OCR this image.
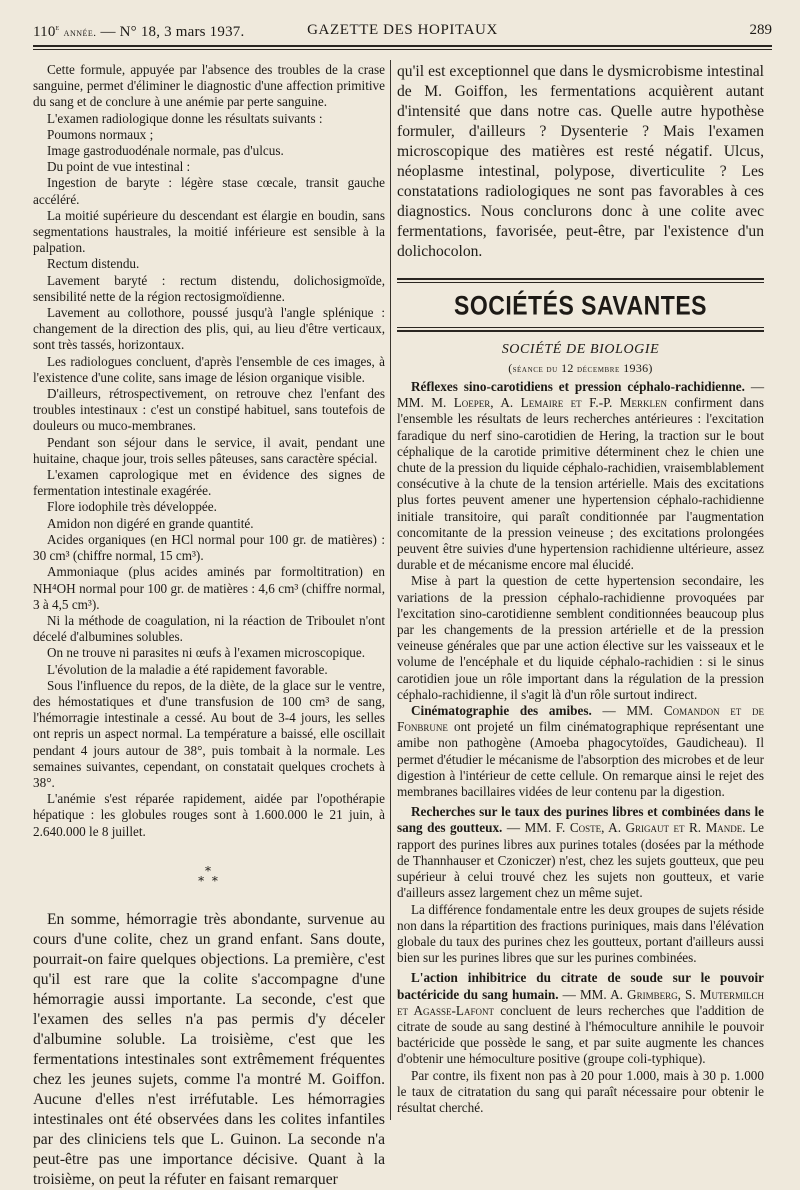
110e année. — N° 18, 3 mars 1937.	GAZETTE DES HOPITAUX	289

Cette formule, appuyée par l'absence des troubles de la crase sanguine, permet d'éliminer le diagnostic d'une affection primitive du sang et de conclure à une anémie par perte sanguine.

L'examen radiologique donne les résultats suivants :

Poumons normaux ;

Image gastroduodénale normale, pas d'ulcus.

Du point de vue intestinal :

Ingestion de baryte : légère stase cœcale, transit gauche accéléré.

La moitié supérieure du descendant est élargie en boudin, sans segmentations haustrales, la moitié inférieure est sensible à la palpation.

Rectum distendu.

Lavement baryté : rectum distendu, dolichosigmoïde, sensibilité nette de la région rectosigmoïdienne.

Lavement au collothore, poussé jusqu'à l'angle splénique : changement de la direction des plis, qui, au lieu d'être verticaux, sont très tassés, horizontaux.

Les radiologues concluent, d'après l'ensemble de ces images, à l'existence d'une colite, sans image de lésion organique visible.

D'ailleurs, rétrospectivement, on retrouve chez l'enfant des troubles intestinaux : c'est un constipé habituel, sans toutefois de douleurs ou muco-membranes.

Pendant son séjour dans le service, il avait, pendant une huitaine, chaque jour, trois selles pâteuses, sans caractère spécial.

L'examen caprologique met en évidence des signes de fermentation intestinale exagérée.

Flore iodophile très développée.

Amidon non digéré en grande quantité.

Acides organiques (en HCl normal pour 100 gr. de matières) : 30 cm³ (chiffre normal, 15 cm³).

Ammoniaque (plus acides aminés par formoltitration) en NH⁴OH normal pour 100 gr. de matières : 4,6 cm³ (chiffre normal, 3 à 4,5 cm³).

Ni la méthode de coagulation, ni la réaction de Triboulet n'ont décelé d'albumines solubles.

On ne trouve ni parasites ni œufs à l'examen microscopique.

L'évolution de la maladie a été rapidement favorable.

Sous l'influence du repos, de la diète, de la glace sur le ventre, des hémostatiques et d'une transfusion de 100 cm³ de sang, l'hémorragie intestinale a cessé. Au bout de 3-4 jours, les selles ont repris un aspect normal. La température a baissé, elle oscillait pendant 4 jours autour de 38°, puis tombait à la normale. Les semaines suivantes, cependant, on constatait quelques crochets à 38°.

L'anémie s'est réparée rapidement, aidée par l'opothérapie hépatique : les globules rouges sont à 1.600.000 le 21 juin, à 2.640.000 le 8 juillet.

*
* *

En somme, hémorragie très abondante, survenue au cours d'une colite, chez un grand enfant. Sans doute, pourrait-on faire quelques objections. La première, c'est qu'il est rare que la colite s'accompagne d'une hémorragie aussi importante. La seconde, c'est que l'examen des selles n'a pas permis d'y déceler d'albumine soluble. La troisième, c'est que les fermentations intestinales sont extrêmement fréquentes chez les jeunes sujets, comme l'a montré M. Goiffon. Aucune d'elles n'est irréfutable. Les hémorragies intestinales ont été observées dans les colites infantiles par des cliniciens tels que L. Guinon. La seconde n'a peut-être pas une importance décisive. Quant à la troisième, on peut la réfuter en faisant remarquer

qu'il est exceptionnel que dans le dysmicrobisme intestinal de M. Goiffon, les fermentations acquièrent autant d'intensité que dans notre cas. Quelle autre hypothèse formuler, d'ailleurs ? Dysenterie ? Mais l'examen microscopique des matières est resté négatif. Ulcus, néoplasme intestinal, polypose, diverticulite ? Les constatations radiologiques ne sont pas favorables à ces diagnostics. Nous conclurons donc à une colite avec fermentations, favorisée, peut-être, par l'existence d'un dolichocolon.

SOCIÉTÉS SAVANTES
SOCIÉTÉ DE BIOLOGIE
(séance du 12 décembre 1936)

Réflexes sino-carotidiens et pression céphalo-rachidienne. — MM. M. Loeper, A. Lemaire et F.-P. Merklen confirment dans l'ensemble les résultats de leurs recherches antérieures : l'excitation faradique du nerf sino-carotidien de Hering, la traction sur le bout céphalique de la carotide primitive déterminent chez le chien une chute de la pression du liquide céphalo-rachidien, vraisemblablement consécutive à la chute de la tension artérielle. Mais des excitations plus fortes peuvent amener une hypertension céphalo-rachidienne initiale transitoire, qui paraît conditionnée par l'augmentation concomitante de la pression veineuse ; des excitations prolongées peuvent être suivies d'une hypertension rachidienne ultérieure, assez durable et de mécanisme encore mal élucidé.

Mise à part la question de cette hypertension secondaire, les variations de la pression céphalo-rachidienne provoquées par l'excitation sino-carotidienne semblent conditionnées beaucoup plus par les changements de la pression artérielle et de la pression veineuse générales que par une action élective sur les vaisseaux et le volume de l'encéphale et du liquide céphalo-rachidien : si le sinus carotidien joue un rôle important dans la régulation de la pression céphalo-rachidienne, il s'agit là d'un rôle surtout indirect.

Cinématographie des amibes. — MM. Comandon et de Fonbrune ont projeté un film cinématographique représentant une amibe non pathogène (Amoeba phagocytoïdes, Gaudicheau). Il permet d'étudier le mécanisme de l'absorption des microbes et de leur digestion à l'intérieur de cette cellule. On remarque ainsi le rejet des membranes bacillaires vidées de leur contenu par la digestion.

Recherches sur le taux des purines libres et combinées dans le sang des goutteux. — MM. F. Coste, A. Grigaut et R. Mande. Le rapport des purines libres aux purines totales (dosées par la méthode de Thannhauser et Czoniczer) n'est, chez les sujets goutteux, que peu supérieur à celui trouvé chez les sujets non goutteux, et varie d'ailleurs assez largement chez un même sujet.

La différence fondamentale entre les deux groupes de sujets réside non dans la répartition des fractions puriniques, mais dans l'élévation globale du taux des purines chez les goutteux, portant d'ailleurs aussi bien sur les purines libres que sur les purines combinées.

L'action inhibitrice du citrate de soude sur le pouvoir bactéricide du sang humain. — MM. A. Grimberg, S. Mutermilch et Agasse-Lafont concluent de leurs recherches que l'addition de citrate de soude au sang destiné à l'hémoculture annihile le pouvoir bactéricide que possède le sang, et par suite augmente les chances d'obtenir une hémoculture positive (groupe coli-typhique).

Par contre, ils fixent non pas à 20 pour 1.000, mais à 30 p. 1.000 le taux de citratation du sang qui paraît nécessaire pour obtenir le résultat cherché.
